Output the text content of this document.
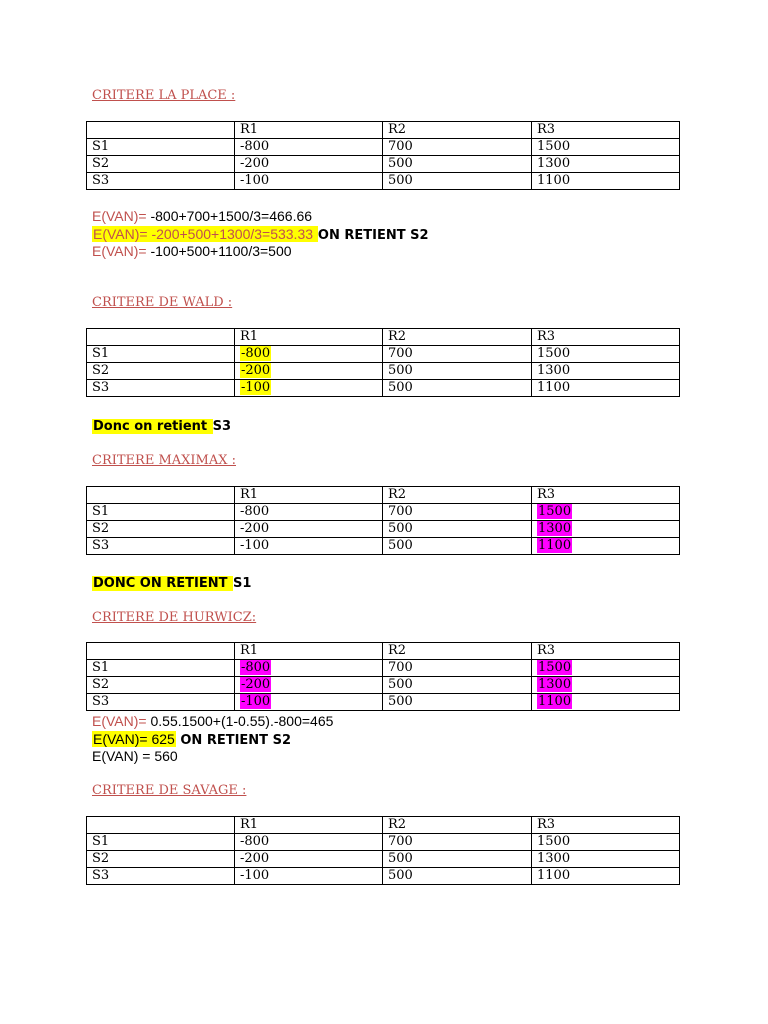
CRITERE LA PLACE :
	R1	R2	R3
S1	-800	700	1500
S2	-200	500	1300
S3	-100	500	1100
E(VAN)= -800+700+1500/3=466.66
E(VAN)= -200+500+1300/3=533.33 ON RETIENT S2
E(VAN)= -100+500+1100/3=500
CRITERE DE WALD :
	R1	R2	R3
S1	-800	700	1500
S2	-200	500	1300
S3	-100	500	1100
Donc on retient S3
CRITERE MAXIMAX :
	R1	R2	R3
S1	-800	700	1500
S2	-200	500	1300
S3	-100	500	1100
DONC ON RETIENT S1
CRITERE DE HURWICZ:
	R1	R2	R3
S1	-800	700	1500
S2	-200	500	1300
S3	-100	500	1100
E(VAN)= 0.55.1500+(1-0.55).-800=465
E(VAN)= 625 ON RETIENT S2
E(VAN) = 560
CRITERE DE SAVAGE :
	R1	R2	R3
S1	-800	700	1500
S2	-200	500	1300
S3	-100	500	1100
